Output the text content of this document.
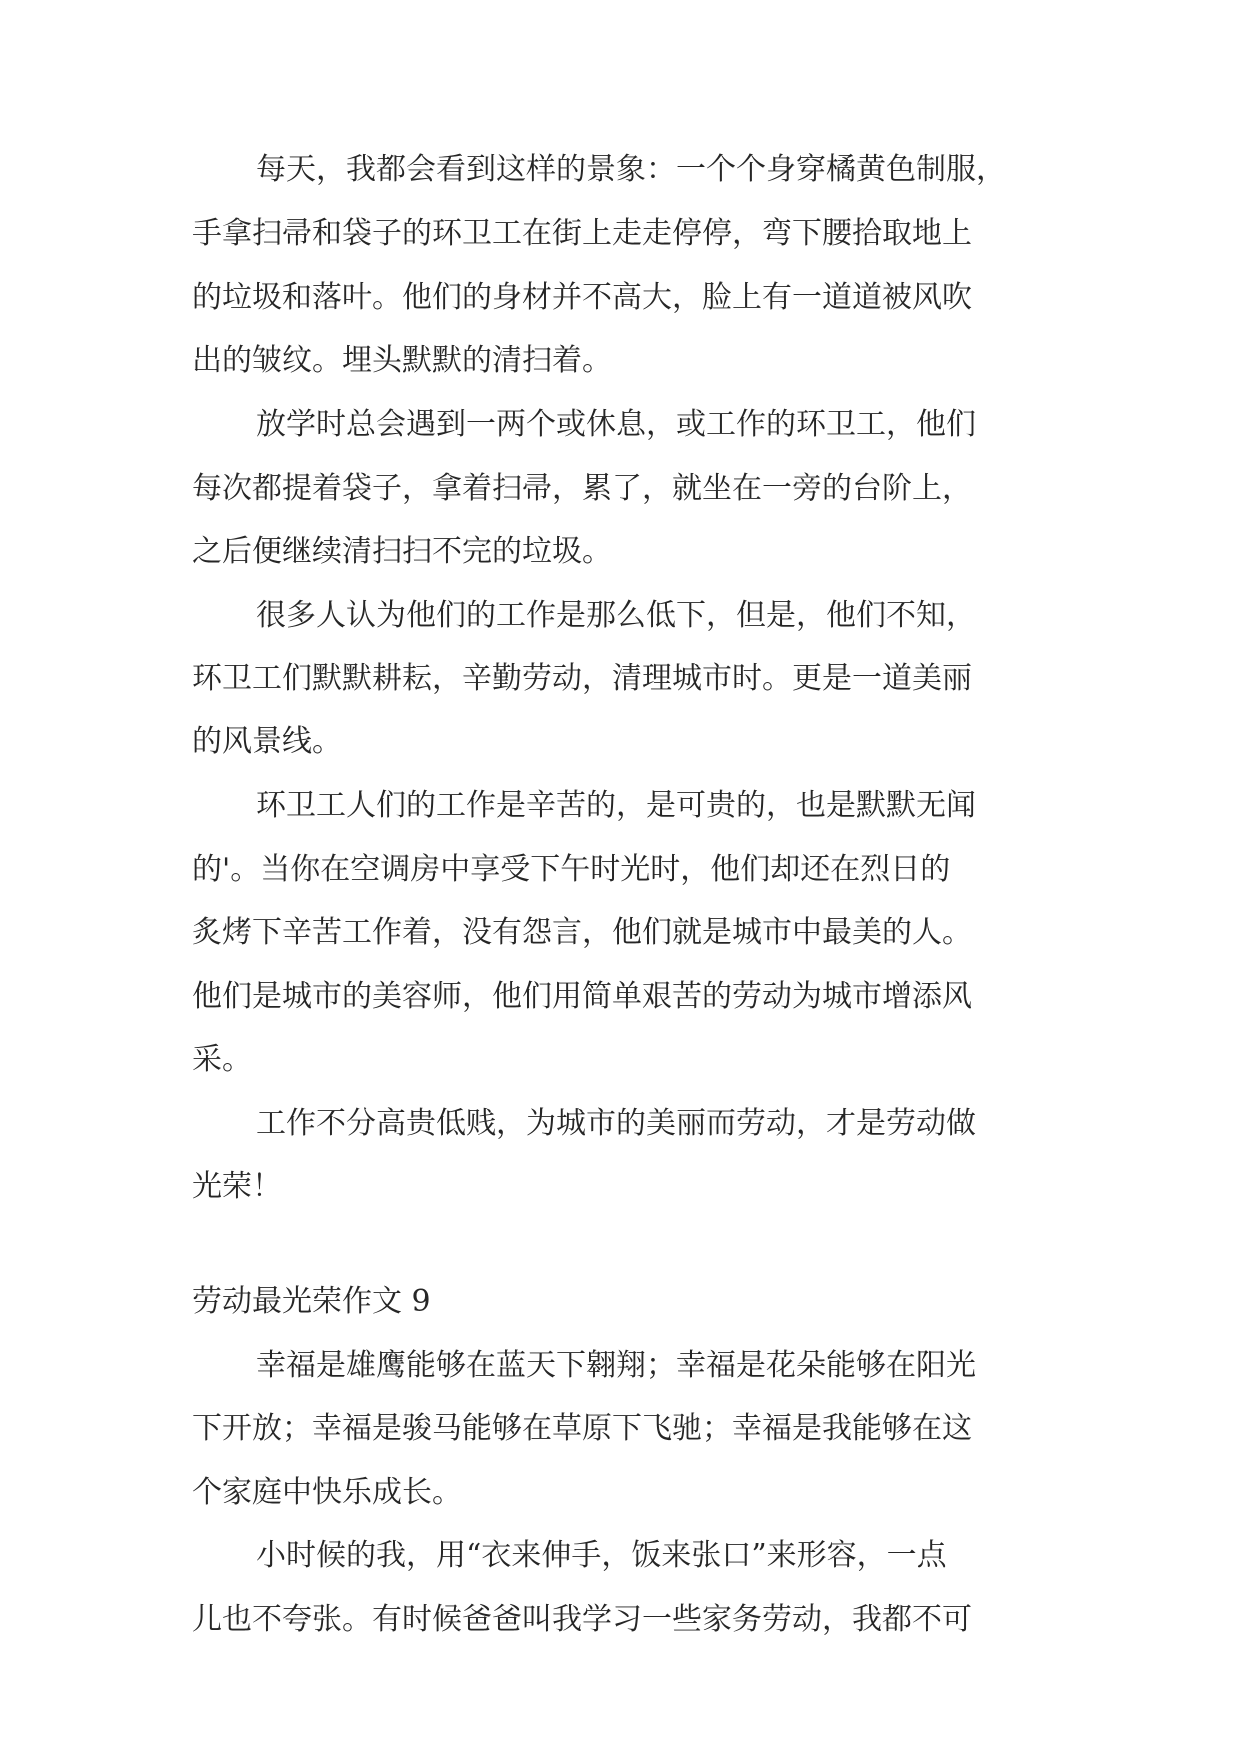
每天，我都会看到这样的景象：一个个身穿橘黄色制服，

手拿扫帚和袋子的环卫工在街上走走停停，弯下腰拾取地上

的垃圾和落叶。他们的身材并不高大，脸上有一道道被风吹

出的皱纹。埋头默默的清扫着。

放学时总会遇到一两个或休息，或工作的环卫工，他们

每次都提着袋子，拿着扫帚，累了，就坐在一旁的台阶上，

之后便继续清扫扫不完的垃圾。

很多人认为他们的工作是那么低下，但是，他们不知，

环卫工们默默耕耘，辛勤劳动，清理城市时。更是一道美丽

的风景线。

环卫工人们的工作是辛苦的，是可贵的，也是默默无闻

的'。当你在空调房中享受下午时光时，他们却还在烈日的

炙烤下辛苦工作着，没有怨言，他们就是城市中最美的人。

他们是城市的美容师，他们用简单艰苦的劳动为城市增添风

采。

工作不分高贵低贱，为城市的美丽而劳动，才是劳动做

光荣！

劳动最光荣作文 9

幸福是雄鹰能够在蓝天下翱翔；幸福是花朵能够在阳光

下开放；幸福是骏马能够在草原下飞驰；幸福是我能够在这

个家庭中快乐成长。

小时候的我，用“衣来伸手，饭来张口”来形容，一点

儿也不夸张。有时候爸爸叫我学习一些家务劳动，我都不可
